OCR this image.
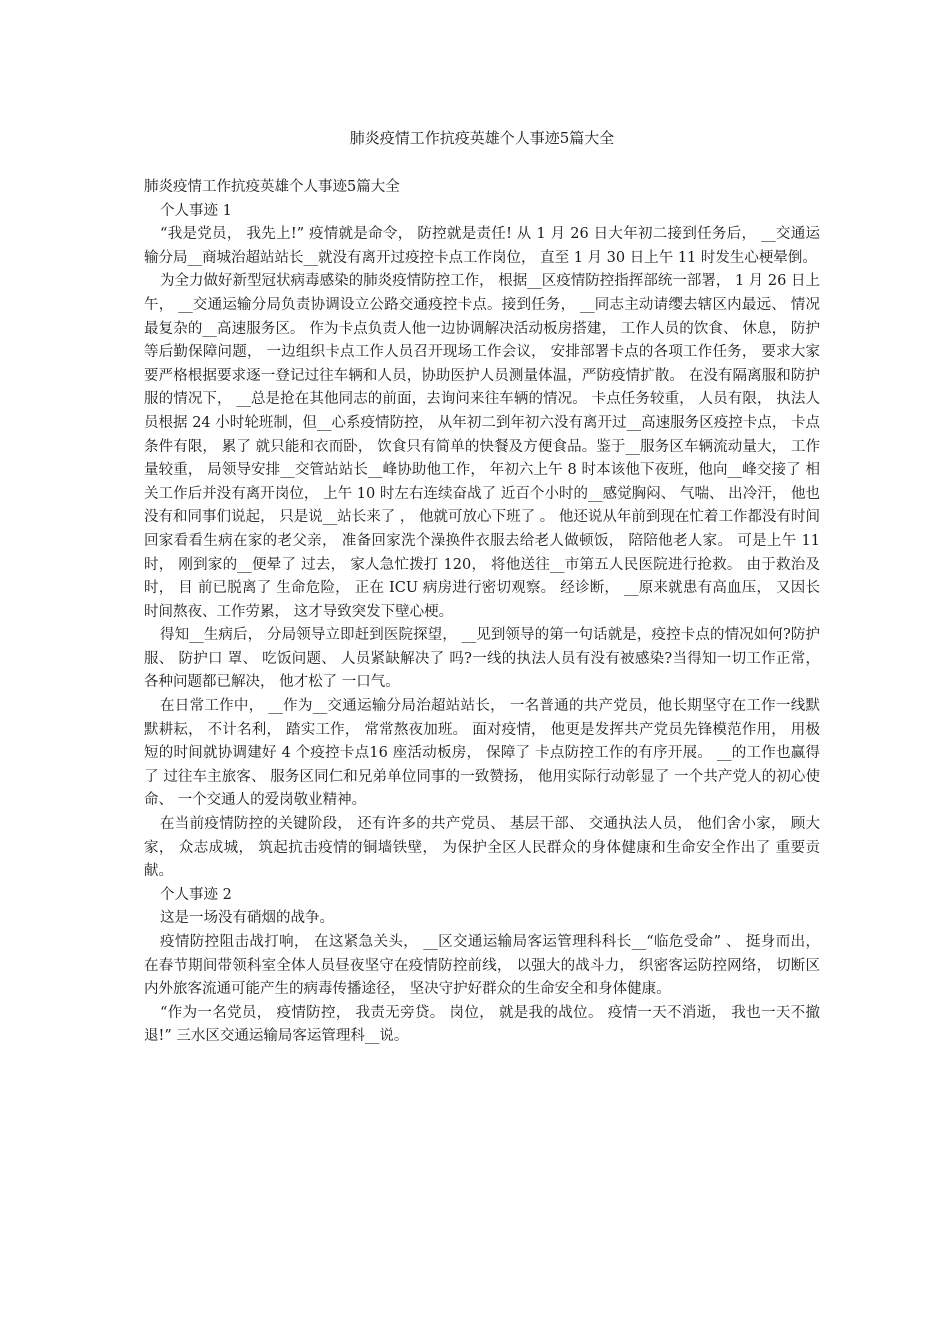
肺炎疫情工作抗疫英雄个人事迹5篇大全

肺炎疫情工作抗疫英雄个人事迹5篇大全

个人事迹 1

“我是党员， 我先上!” 疫情就是命令， 防控就是责任! 从 1 月 26 日大年初二接到任务后， __交通运输分局__商城治超站站长__就没有离开过疫控卡点工作岗位， 直至 1 月 30 日上午 11 时发生心梗晕倒。

为全力做好新型冠状病毒感染的肺炎疫情防控工作， 根据__区疫情防控指挥部统一部署， 1 月 26 日上午， __交通运输分局负责协调设立公路交通疫控卡点。接到任务， __同志主动请缨去辖区内最远、 情况最复杂的__高速服务区。 作为卡点负责人他一边协调解决活动板房搭建， 工作人员的饮食、 休息， 防护等后勤保障问题， 一边组织卡点工作人员召开现场工作会议， 安排部署卡点的各项工作任务， 要求大家要严格根据要求逐一登记过往车辆和人员，协助医护人员测量体温，严防疫情扩散。 在没有隔离服和防护服的情况下， __总是抢在其他同志的前面，去询问来往车辆的情况。 卡点任务较重， 人员有限， 执法人员根据 24 小时轮班制，但__心系疫情防控， 从年初二到年初六没有离开过__高速服务区疫控卡点， 卡点条件有限， 累了 就只能和衣而卧， 饮食只有简单的快餐及方便食品。鉴于__服务区车辆流动量大， 工作量较重， 局领导安排__交管站站长__峰协助他工作， 年初六上午 8 时本该他下夜班，他向__峰交接了 相关工作后并没有离开岗位， 上午 10 时左右连续奋战了 近百个小时的__感觉胸闷、 气喘、 出冷汗， 他也没有和同事们说起， 只是说__站长来了 ， 他就可放心下班了 。 他还说从年前到现在忙着工作都没有时间回家看看生病在家的老父亲， 准备回家洗个澡换件衣服去给老人做顿饭， 陪陪他老人家。 可是上午 11 时， 刚到家的__便晕了 过去， 家人急忙拨打 120， 将他送往__市第五人民医院进行抢救。 由于救治及时， 目 前已脱离了 生命危险， 正在 ICU 病房进行密切观察。 经诊断， __原来就患有高血压， 又因长时间熬夜、工作劳累， 这才导致突发下壁心梗。

得知__生病后， 分局领导立即赶到医院探望， __见到领导的第一句话就是，疫控卡点的情况如何?防护服、 防护口 罩、 吃饭问题、 人员紧缺解决了 吗?一线的执法人员有没有被感染?当得知一切工作正常， 各种问题都已解决， 他才松了 一口气。

在日常工作中， __作为__交通运输分局治超站站长， 一名普通的共产党员，他长期坚守在工作一线默默耕耘， 不计名利， 踏实工作， 常常熬夜加班。 面对疫情， 他更是发挥共产党员先锋模范作用， 用极短的时间就协调建好 4 个疫控卡点16 座活动板房， 保障了 卡点防控工作的有序开展。 __的工作也赢得了 过往车主旅客、 服务区同仁和兄弟单位同事的一致赞扬， 他用实际行动彰显了 一个共产党人的初心使命、 一个交通人的爱岗敬业精神。

在当前疫情防控的关键阶段， 还有许多的共产党员、 基层干部、 交通执法人员， 他们舍小家， 顾大家， 众志成城， 筑起抗击疫情的铜墙铁壁， 为保护全区人民群众的身体健康和生命安全作出了 重要贡献。

个人事迹 2

这是一场没有硝烟的战争。

疫情防控阻击战打响， 在这紧急关头， __区交通运输局客运管理科科长__“临危受命” 、 挺身而出， 在春节期间带领科室全体人员昼夜坚守在疫情防控前线， 以强大的战斗力， 织密客运防控网络， 切断区内外旅客流通可能产生的病毒传播途径， 坚决守护好群众的生命安全和身体健康。

“作为一名党员， 疫情防控， 我责无旁贷。 岗位， 就是我的战位。 疫情一天不消逝， 我也一天不撤退!” 三水区交通运输局客运管理科__说。
